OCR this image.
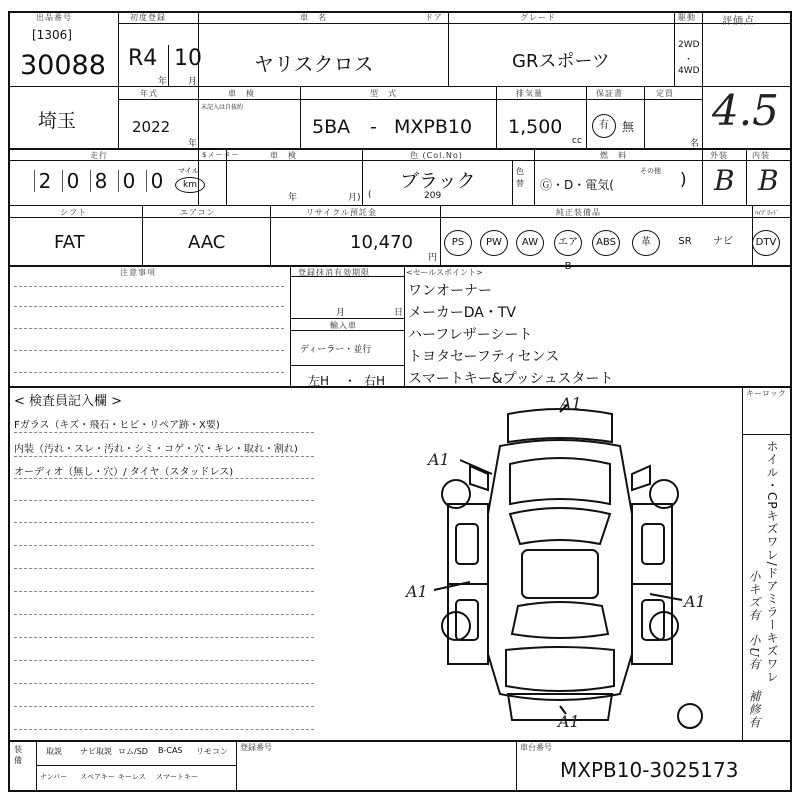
出品番号
[1306]
30088
初度登録
R4 10
年 月
車　名
ヤリスクロス
ドア	グレード
GRスポーツ
駆動
2WD
・
4WD
評価点
4.5
埼玉
年式
2022
年
車　検
未記入は自抜約
型　式
5BA - MXPB10
排気量
1,500
cc
保証書
有	無
定員
名
走行
2 0 8 0 0	マイル
km
$メーター	車　検
年	月)
色 (Col.No)
ブラック
(	209
色替
燃　料
Ⓖ・D・電気(
その他 )
外装
B
内装
B
シフト
FAT
エアコン
AAC
リサイクル預託金
10,470
円
純正装備品	ﾊｲﾌﾞﾘｯﾄﾞ
PS	PW	AW	エアB
ABS	革	SR	ナビ	DTV
注意事項	登録抹消有効期限
月	日
輸入車
ディーラー・並行
左H ・ 右H
<セールスポイント>
ワンオーナー
メーカーDA・TV
ハーフレザーシート
トヨタセーフティセンス
スマートキー&プッシュスタート
< 検査員記入欄 >
Fガラス（キズ・飛石・ヒビ・リペア跡・X要)
内装（汚れ・スレ・汚れ・シミ・コゲ・穴・キレ・取れ・割れ)
オーディオ（無し・穴）/ タイヤ（スタッドレス)
キーロック
ホイル・CPキズワレ/ドアミラーキズワレ
小キズ有
小U有
補修有
A1
A1
A1
A1
A1
装備
取説 ナビ取説 ロム/SD B-CAS リモコン
ナンバー スペアキー キーレス スマートキー
登録番号	車台番号
MXPB10-3025173
